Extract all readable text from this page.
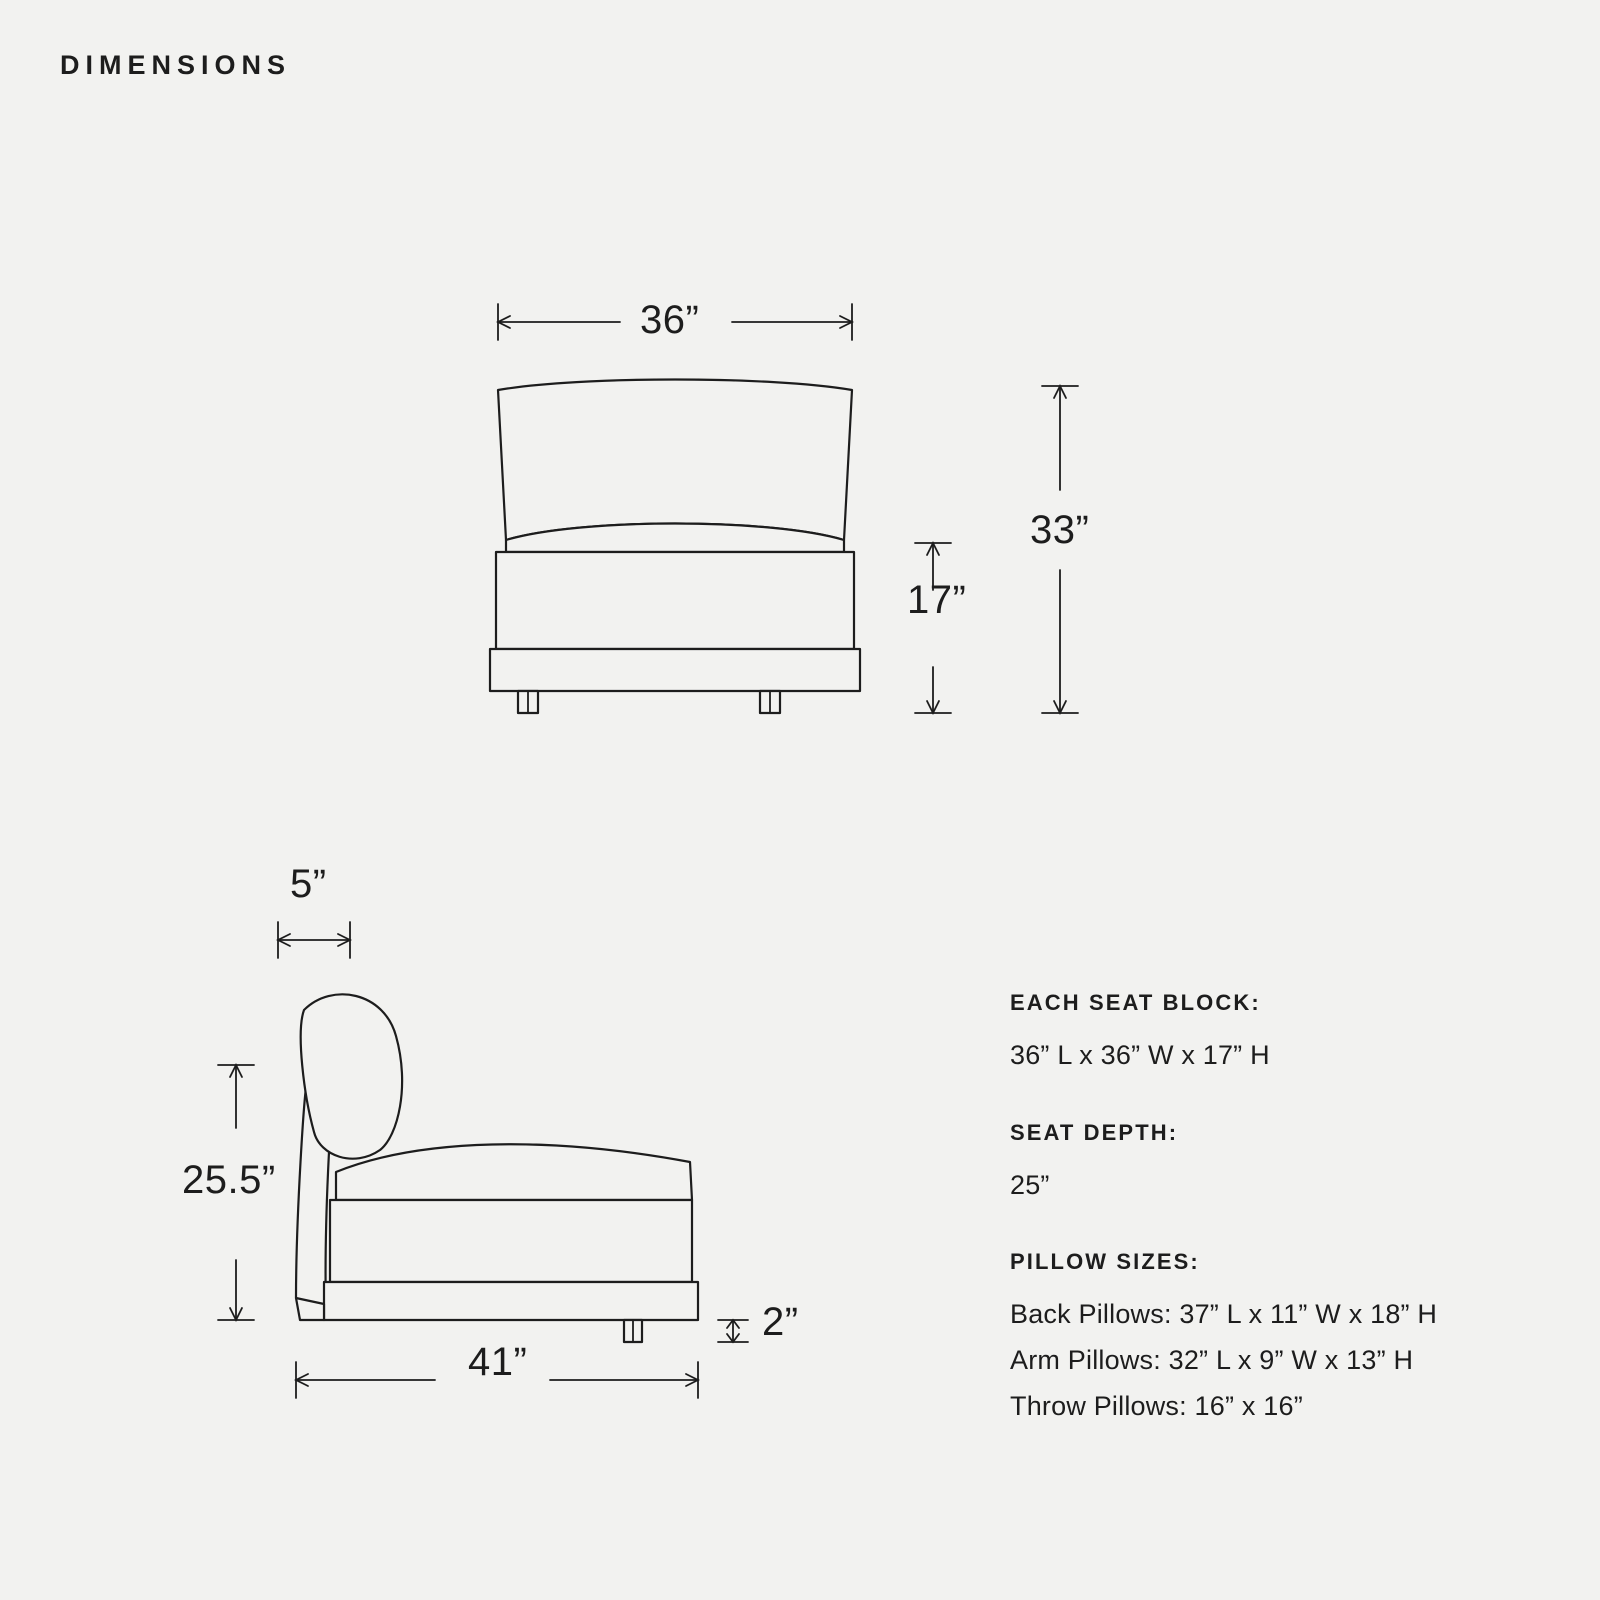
DIMENSIONS
36”
17”
33”
5”
25.5”
2”
41”
EACH SEAT BLOCK:
36” L x 36” W x 17” H
SEAT DEPTH:
25”
PILLOW SIZES:
Back Pillows: 37” L x 11” W x 18” H
Arm Pillows: 32” L x 9” W x 13” H
Throw Pillows: 16” x 16”
